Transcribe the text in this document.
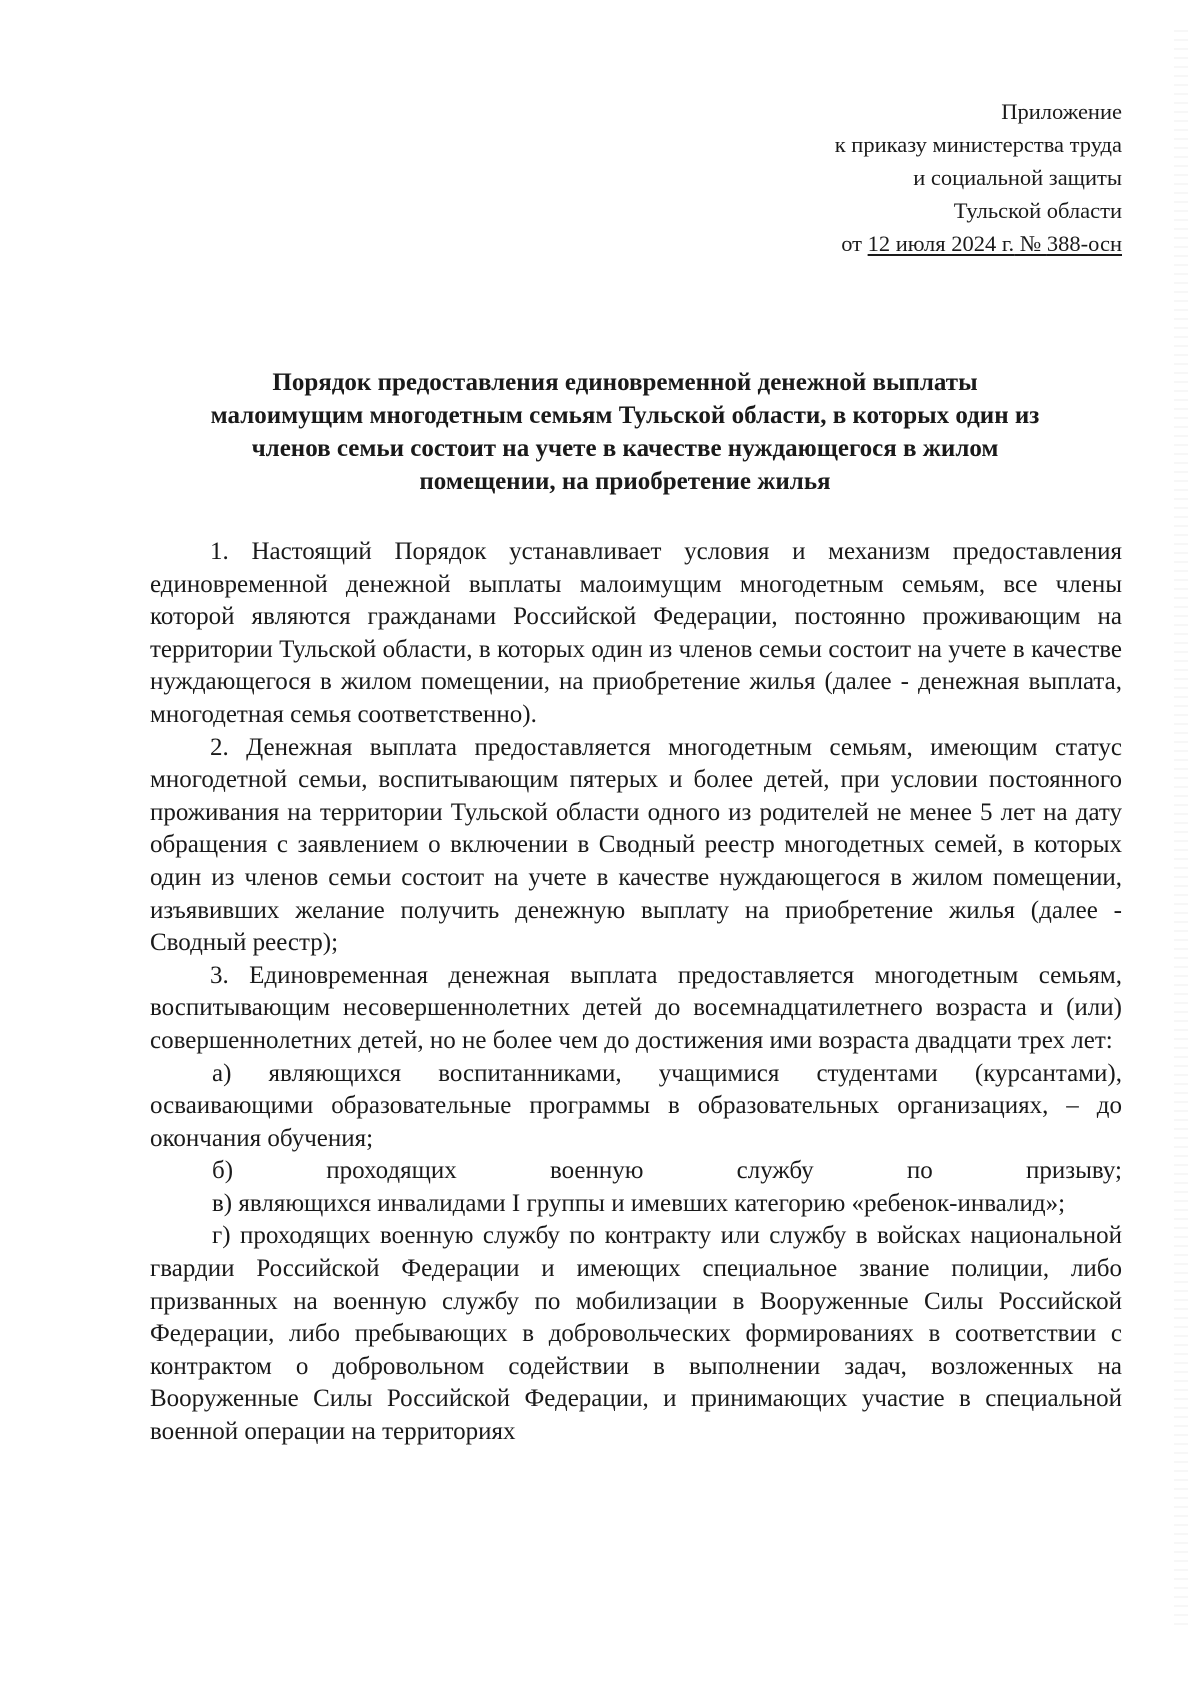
Приложение
к приказу министерства труда
и социальной защиты
Тульской области
от 12 июля 2024 г. № 388-осн
Порядок предоставления единовременной денежной выплаты
малоимущим многодетным семьям Тульской области, в которых один из
членов семьи состоит на учете в качестве нуждающегося в жилом
помещении, на приобретение жилья

1. Настоящий Порядок устанавливает условия и механизм предоставления единовременной денежной выплаты малоимущим многодетным семьям, все члены которой являются гражданами Российской Федерации, постоянно проживающим на территории Тульской области, в которых один из членов семьи состоит на учете в качестве нуждающегося в жилом помещении, на приобретение жилья (далее - денежная выплата, многодетная семья соответственно).

2. Денежная выплата предоставляется многодетным семьям, имеющим статус многодетной семьи, воспитывающим пятерых и более детей, при условии постоянного проживания на территории Тульской области одного из родителей не менее 5 лет на дату обращения с заявлением о включении в Сводный реестр многодетных семей, в которых один из членов семьи состоит на учете в качестве нуждающегося в жилом помещении, изъявивших желание получить денежную выплату на приобретение жилья (далее - Сводный реестр);

3. Единовременная денежная выплата предоставляется многодетным семьям, воспитывающим несовершеннолетних детей до восемнадцатилетнего возраста и (или) совершеннолетних детей, но не более чем до достижения ими возраста двадцати трех лет:

а) являющихся воспитанниками, учащимися студентами (курсантами), осваивающими образовательные программы в образовательных организациях, – до окончания обучения;

б)	проходящих	военную	службу	по	призыву;

в) являющихся инвалидами I группы и имевших категорию «ребенок-инвалид»;

г) проходящих военную службу по контракту или службу в войсках национальной гвардии Российской Федерации и имеющих специальное звание полиции, либо призванных на военную службу по мобилизации в Вооруженные Силы Российской Федерации, либо пребывающих в добровольческих формированиях в соответствии с контрактом о добровольном содействии в выполнении задач, возложенных на Вооруженные Силы Российской Федерации, и принимающих участие в специальной военной операции на территориях
